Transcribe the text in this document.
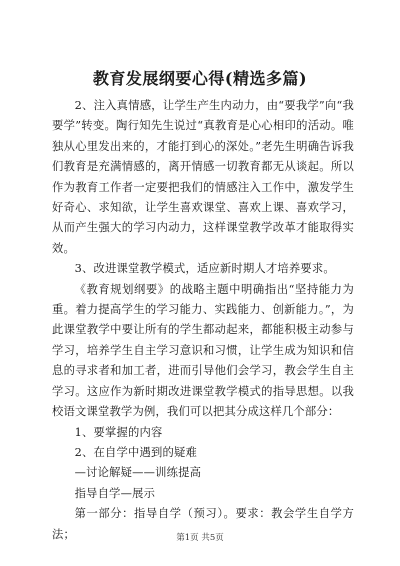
教育发展纲要心得(精选多篇)

2、注入真情感，让学生产生内动力，由“要我学”向“我要学”转变。陶行知先生说过“真教育是心心相印的活动。唯独从心里发出来的，才能打到心的深处。”老先生明确告诉我们教育是充满情感的，离开情感一切教育都无从谈起。所以作为教育工作者一定要把我们的情感注入工作中，激发学生好奇心、求知欲，让学生喜欢课堂、喜欢上课、喜欢学习，从而产生强大的学习内动力，这样课堂教学改革才能取得实效。

3、改进课堂教学模式，适应新时期人才培养要求。

《教育规划纲要》的战略主题中明确指出“坚持能力为重。着力提高学生的学习能力、实践能力、创新能力。”，为此课堂教学中要让所有的学生都动起来，都能积极主动参与学习，培养学生自主学习意识和习惯，让学生成为知识和信息的寻求者和加工者，进而引导他们会学习，教会学生自主学习。这应作为新时期改进课堂教学模式的指导思想。以我校语文课堂教学为例，我们可以把其分成这样几个部分：

1、要掌握的内容

2、在自学中遇到的疑难

—讨论解疑——训练提高

指导自学—展示

第一部分：指导自学（预习）。要求：教会学生自学方法；	第1页 共5页
